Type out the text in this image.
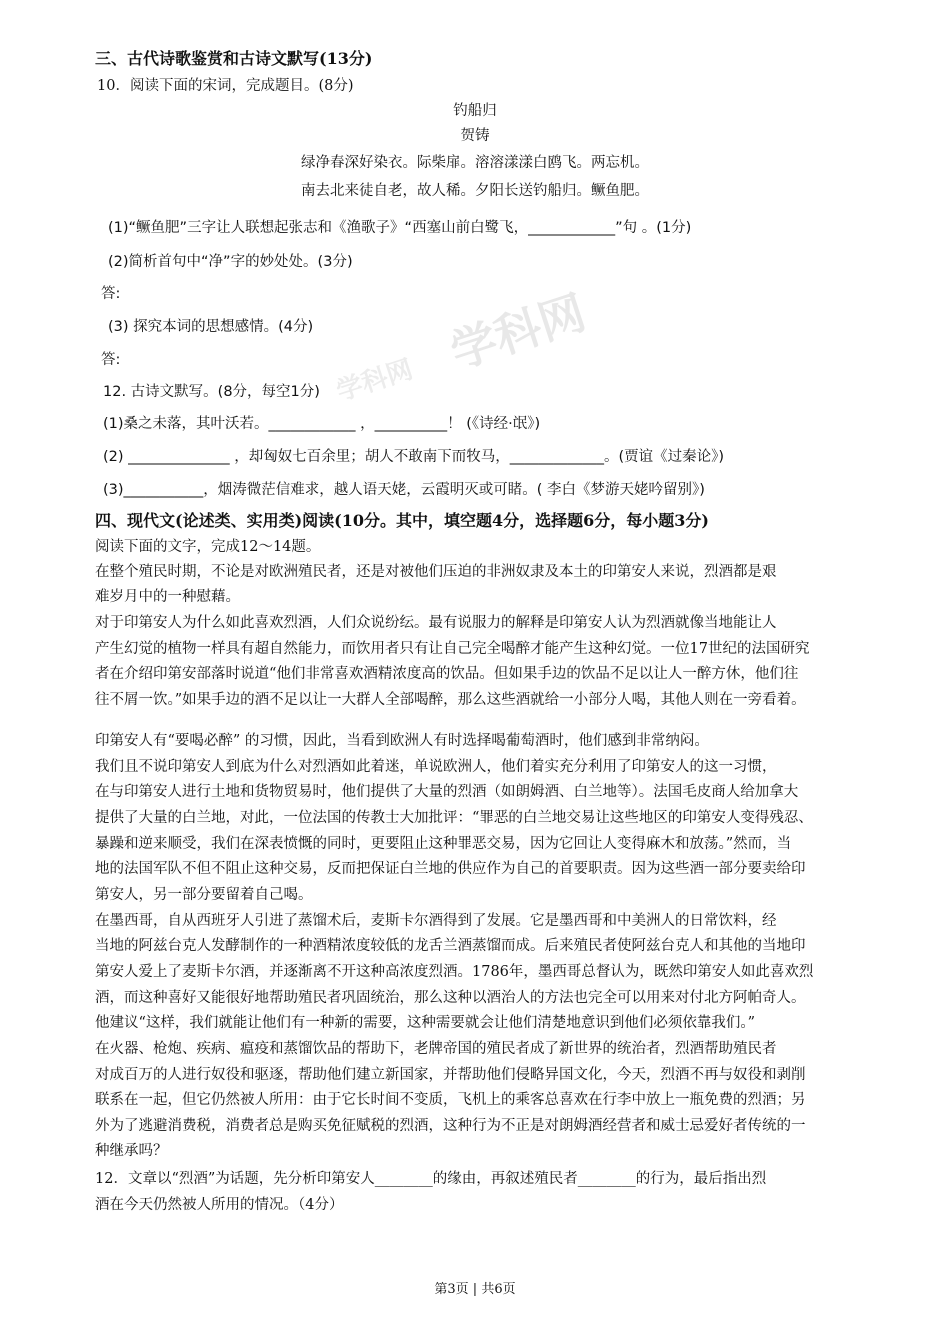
学科网
学科网
三、古代诗歌鉴赏和古诗文默写(13分)
10．阅读下面的宋词，完成题目。(8分)
钓船归
贺铸
绿净春深好染衣。际柴扉。溶溶漾漾白鸥飞。两忘机。
南去北来徒自老，故人稀。夕阳长送钓船归。鳜鱼肥。
(1)“鳜鱼肥”三字让人联想起张志和《渔歌子》“西塞山前白鹭飞，____________”句 。(1分)
(2)简析首句中“净”字的妙处处。(3分)
答:
(3) 探究本词的思想感情。(4分)
答:
12. 古诗文默写。(8分，每空1分)
(1)桑之未落，其叶沃若。____________ ，__________！ (《诗经·氓》)
(2) ______________ ，却匈奴七百余里；胡人不敢南下而牧马，_____________。(贾谊《过秦论》)
(3)___________，烟涛微茫信难求，越人语天姥，云霞明灭或可睹。( 李白《梦游天姥吟留别》)
四、现代文(论述类、实用类)阅读(10分。其中，填空题4分，选择题6分，每小题3分)
阅读下面的文字，完成12～14题。
在整个殖民时期，不论是对欧洲殖民者，还是对被他们压迫的非洲奴隶及本土的印第安人来说，烈酒都是艰
难岁月中的一种慰藉。
对于印第安人为什么如此喜欢烈酒，人们众说纷纭。最有说服力的解释是印第安人认为烈酒就像当地能让人
产生幻觉的植物一样具有超自然能力，而饮用者只有让自己完全喝醉才能产生这种幻觉。一位17世纪的法国研究
者在介绍印第安部落时说道“他们非常喜欢酒精浓度高的饮品。但如果手边的饮品不足以让人一醉方休，他们往
往不屑一饮。”如果手边的酒不足以让一大群人全部喝醉，那么这些酒就给一小部分人喝，其他人则在一旁看着。
印第安人有“要喝必醉” 的习惯，因此，当看到欧洲人有时选择喝葡萄酒时，他们感到非常纳闷。
我们且不说印第安人到底为什么对烈酒如此着迷，单说欧洲人，他们着实充分利用了印第安人的这一习惯，
在与印第安人进行土地和货物贸易时，他们提供了大量的烈酒（如朗姆酒、白兰地等）。法国毛皮商人给加拿大
提供了大量的白兰地，对此，一位法国的传教士大加批评：“罪恶的白兰地交易让这些地区的印第安人变得残忍、
暴躁和逆来顺受，我们在深表愤慨的同时，更要阻止这种罪恶交易，因为它回让人变得麻木和放荡。”然而，当
地的法国军队不但不阻止这种交易，反而把保证白兰地的供应作为自己的首要职责。因为这些酒一部分要卖给印
第安人，另一部分要留着自己喝。
在墨西哥，自从西班牙人引进了蒸馏术后，麦斯卡尔酒得到了发展。它是墨西哥和中美洲人的日常饮料，经
当地的阿兹台克人发酵制作的一种酒精浓度较低的龙舌兰酒蒸馏而成。后来殖民者使阿兹台克人和其他的当地印
第安人爱上了麦斯卡尔酒，并逐渐离不开这种高浓度烈酒。1786年，墨西哥总督认为，既然印第安人如此喜欢烈
酒，而这种喜好又能很好地帮助殖民者巩固统治，那么这种以酒治人的方法也完全可以用来对付北方阿帕奇人。
他建议“这样，我们就能让他们有一种新的需要，这种需要就会让他们清楚地意识到他们必须依靠我们。”
在火器、枪炮、疾病、瘟疫和蒸馏饮品的帮助下，老牌帝国的殖民者成了新世界的统治者，烈酒帮助殖民者
对成百万的人进行奴役和驱逐，帮助他们建立新国家，并帮助他们侵略异国文化，今天，烈酒不再与奴役和剥削
联系在一起，但它仍然被人所用：由于它长时间不变质，飞机上的乘客总喜欢在行李中放上一瓶免费的烈酒；另
外为了逃避消费税，消费者总是购买免征赋税的烈酒，这种行为不正是对朗姆酒经营者和威士忌爱好者传统的一
种继承吗？
12．文章以“烈酒”为话题，先分析印第安人________的缘由，再叙述殖民者________的行为，最后指出烈
酒在今天仍然被人所用的情况。（4分）
第3页 | 共6页
